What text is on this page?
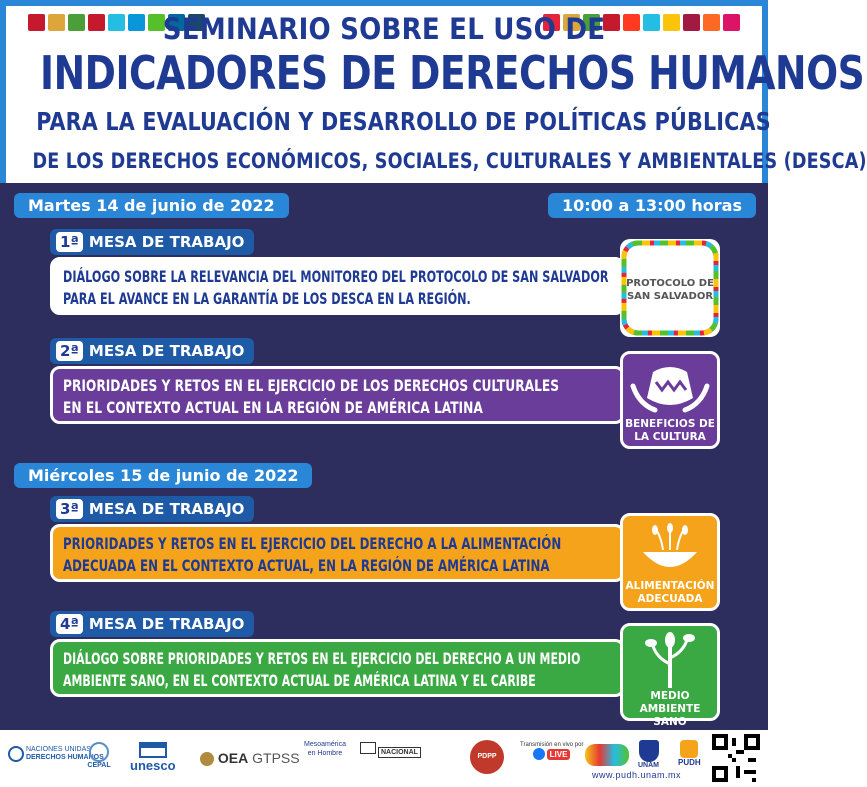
SEMINARIO SOBRE EL USO DE
INDICADORES DE DERECHOS HUMANOS
PARA LA EVALUACIÓN Y DESARROLLO DE POLÍTICAS PÚBLICAS
DE LOS DERECHOS ECONÓMICOS, SOCIALES, CULTURALES Y AMBIENTALES (DESCA)
Martes 14 de junio de 2022	10:00 a 13:00 horas
1ª MESA DE TRABAJO
DIÁLOGO SOBRE LA RELEVANCIA DEL MONITOREO DEL PROTOCOLO DE SAN SALVADOR
PARA EL AVANCE EN LA GARANTÍA DE LOS DESCA EN LA REGIÓN.
PROTOCOLO DE
SAN SALVADOR
2ª MESA DE TRABAJO
PRIORIDADES Y RETOS EN EL EJERCICIO DE LOS DERECHOS CULTURALES
EN EL CONTEXTO ACTUAL EN LA REGIÓN DE AMÉRICA LATINA
BENEFICIOS DE
LA CULTURA
Miércoles 15 de junio de 2022
3ª MESA DE TRABAJO
PRIORIDADES Y RETOS EN EL EJERCICIO DEL DERECHO A LA ALIMENTACIÓN
ADECUADA EN EL CONTEXTO ACTUAL, EN LA REGIÓN DE AMÉRICA LATINA
ALIMENTACIÓN
ADECUADA
4ª MESA DE TRABAJO
DIÁLOGO SOBRE PRIORIDADES Y RETOS EN EL EJERCICIO DEL DERECHO A UN MEDIO
AMBIENTE SANO, EN EL CONTEXTO ACTUAL DE AMÉRICA LATINA Y EL CARIBE
MEDIO AMBIENTE
SANO

NACIONES UNIDAS
DERECHOS HUMANOS
CEPAL unesco	OEA GTPSS
Mesoamérica en Hombre	NACIONAL
PDPP
Transmisión en vivo por
LIVE
UNAM PUDH
www.pudh.unam.mx
